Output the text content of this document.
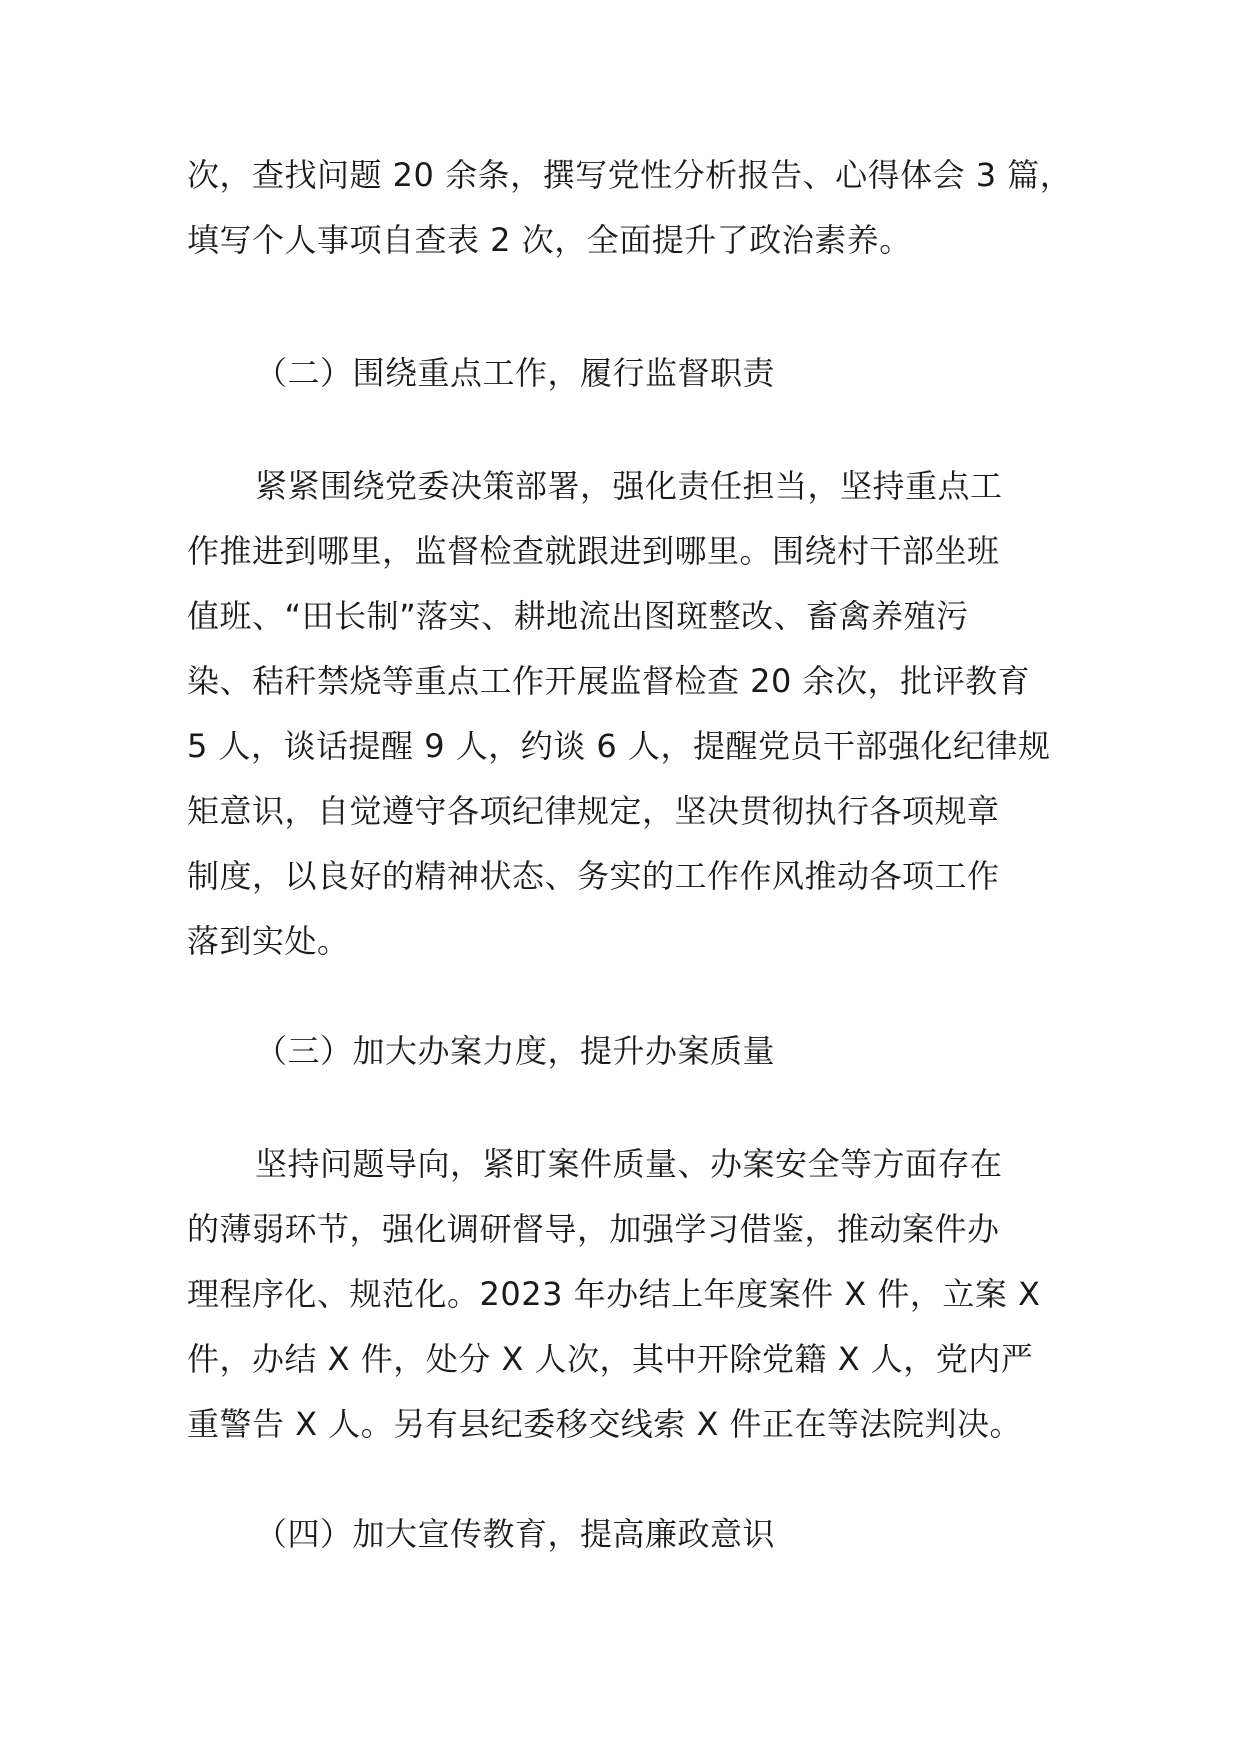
次，查找问题 20 余条，撰写党性分析报告、心得体会 3 篇，
填写个人事项自查表 2 次，全面提升了政治素养。
（二）围绕重点工作，履行监督职责
紧紧围绕党委决策部署，强化责任担当，坚持重点工
作推进到哪里，监督检查就跟进到哪里。围绕村干部坐班
值班、“田长制”落实、耕地流出图斑整改、畜禽养殖污
染、秸秆禁烧等重点工作开展监督检查 20 余次，批评教育
5 人，谈话提醒 9 人，约谈 6 人，提醒党员干部强化纪律规
矩意识，自觉遵守各项纪律规定，坚决贯彻执行各项规章
制度，以良好的精神状态、务实的工作作风推动各项工作
落到实处。
（三）加大办案力度，提升办案质量
坚持问题导向，紧盯案件质量、办案安全等方面存在
的薄弱环节，强化调研督导，加强学习借鉴，推动案件办
理程序化、规范化。2023 年办结上年度案件 X 件，立案 X
件，办结 X 件，处分 X 人次，其中开除党籍 X 人，党内严
重警告 X 人。另有县纪委移交线索 X 件正在等法院判决。
（四）加大宣传教育，提高廉政意识
